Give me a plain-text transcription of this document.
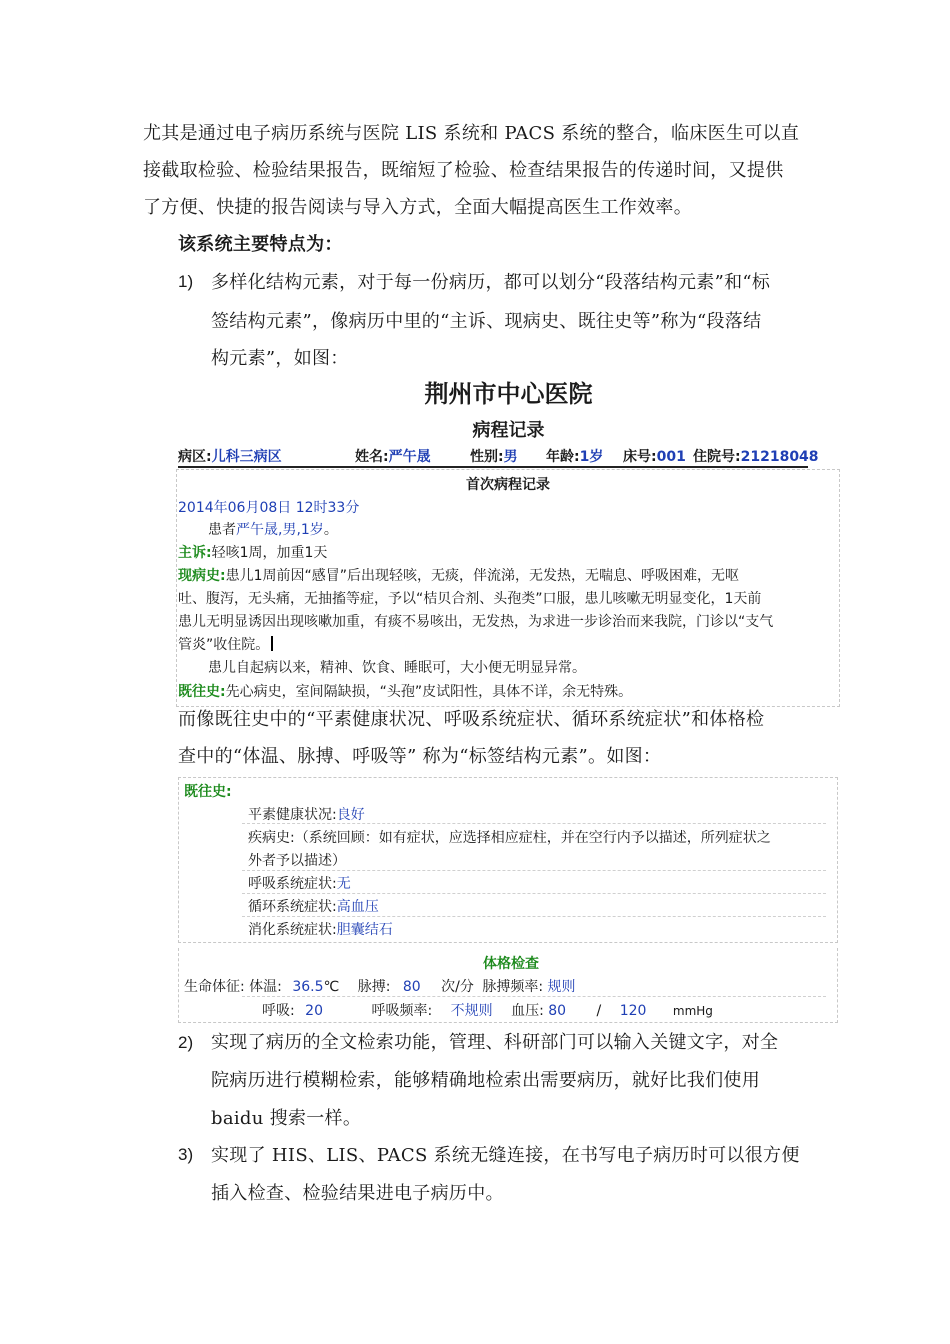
尤其是通过电子病历系统与医院 LIS 系统和 PACS 系统的整合，临床医生可以直
接截取检验、检验结果报告，既缩短了检验、检查结果报告的传递时间，又提供
了方便、快捷的报告阅读与导入方式，全面大幅提高医生工作效率。
该系统主要特点为：
1) 多样化结构元素，对于每一份病历，都可以划分“段落结构元素”和“标
签结构元素”，像病历中里的“主诉、现病史、既往史等”称为“段落结
构元素”，如图：
荆州市中心医院
病程记录
病区:儿科三病区	姓名:严午晟	性别:男 年龄:1岁 床号:001 住院号:21218048
首次病程记录
2014年06月08日 12时33分
患者严午晟,男,1岁。
主诉:轻咳1周，加重1天
现病史:患儿1周前因“感冒”后出现轻咳，无痰，伴流涕，无发热，无喘息、呼吸困难，无呕
吐、腹泻，无头痛，无抽搐等症，予以“桔贝合剂、头孢类”口服，患儿咳嗽无明显变化，1天前
患儿无明显诱因出现咳嗽加重，有痰不易咳出，无发热，为求进一步诊治而来我院，门诊以“支气
管炎”收住院。
患儿自起病以来，精神、饮食、睡眠可，大小便无明显异常。
既往史:先心病史，室间隔缺损，“头孢”皮试阳性，具体不详，余无特殊。
而像既往史中的“平素健康状况、呼吸系统症状、循环系统症状”和体格检
查中的“体温、脉搏、呼吸等” 称为“标签结构元素”。如图：
既往史:
平素健康状况:良好
疾病史:（系统回顾：如有症状，应选择相应症柱，并在空行内予以描述，所列症状之
外者予以描述）
呼吸系统症状:无
循环系统症状:高血压
消化系统症状:胆囊结石
体格检查
生命体征: 体温: 36.5℃ 脉搏: 80 次/分 脉搏频率: 规则
呼吸: 20	呼吸频率: 不规则 血压: 80 / 120 mmHg
2) 实现了病历的全文检索功能，管理、科研部门可以输入关键文字，对全
院病历进行模糊检索，能够精确地检索出需要病历，就好比我们使用
baidu 搜索一样。
3) 实现了 HIS、LIS、PACS 系统无缝连接，在书写电子病历时可以很方便
插入检查、检验结果进电子病历中。
